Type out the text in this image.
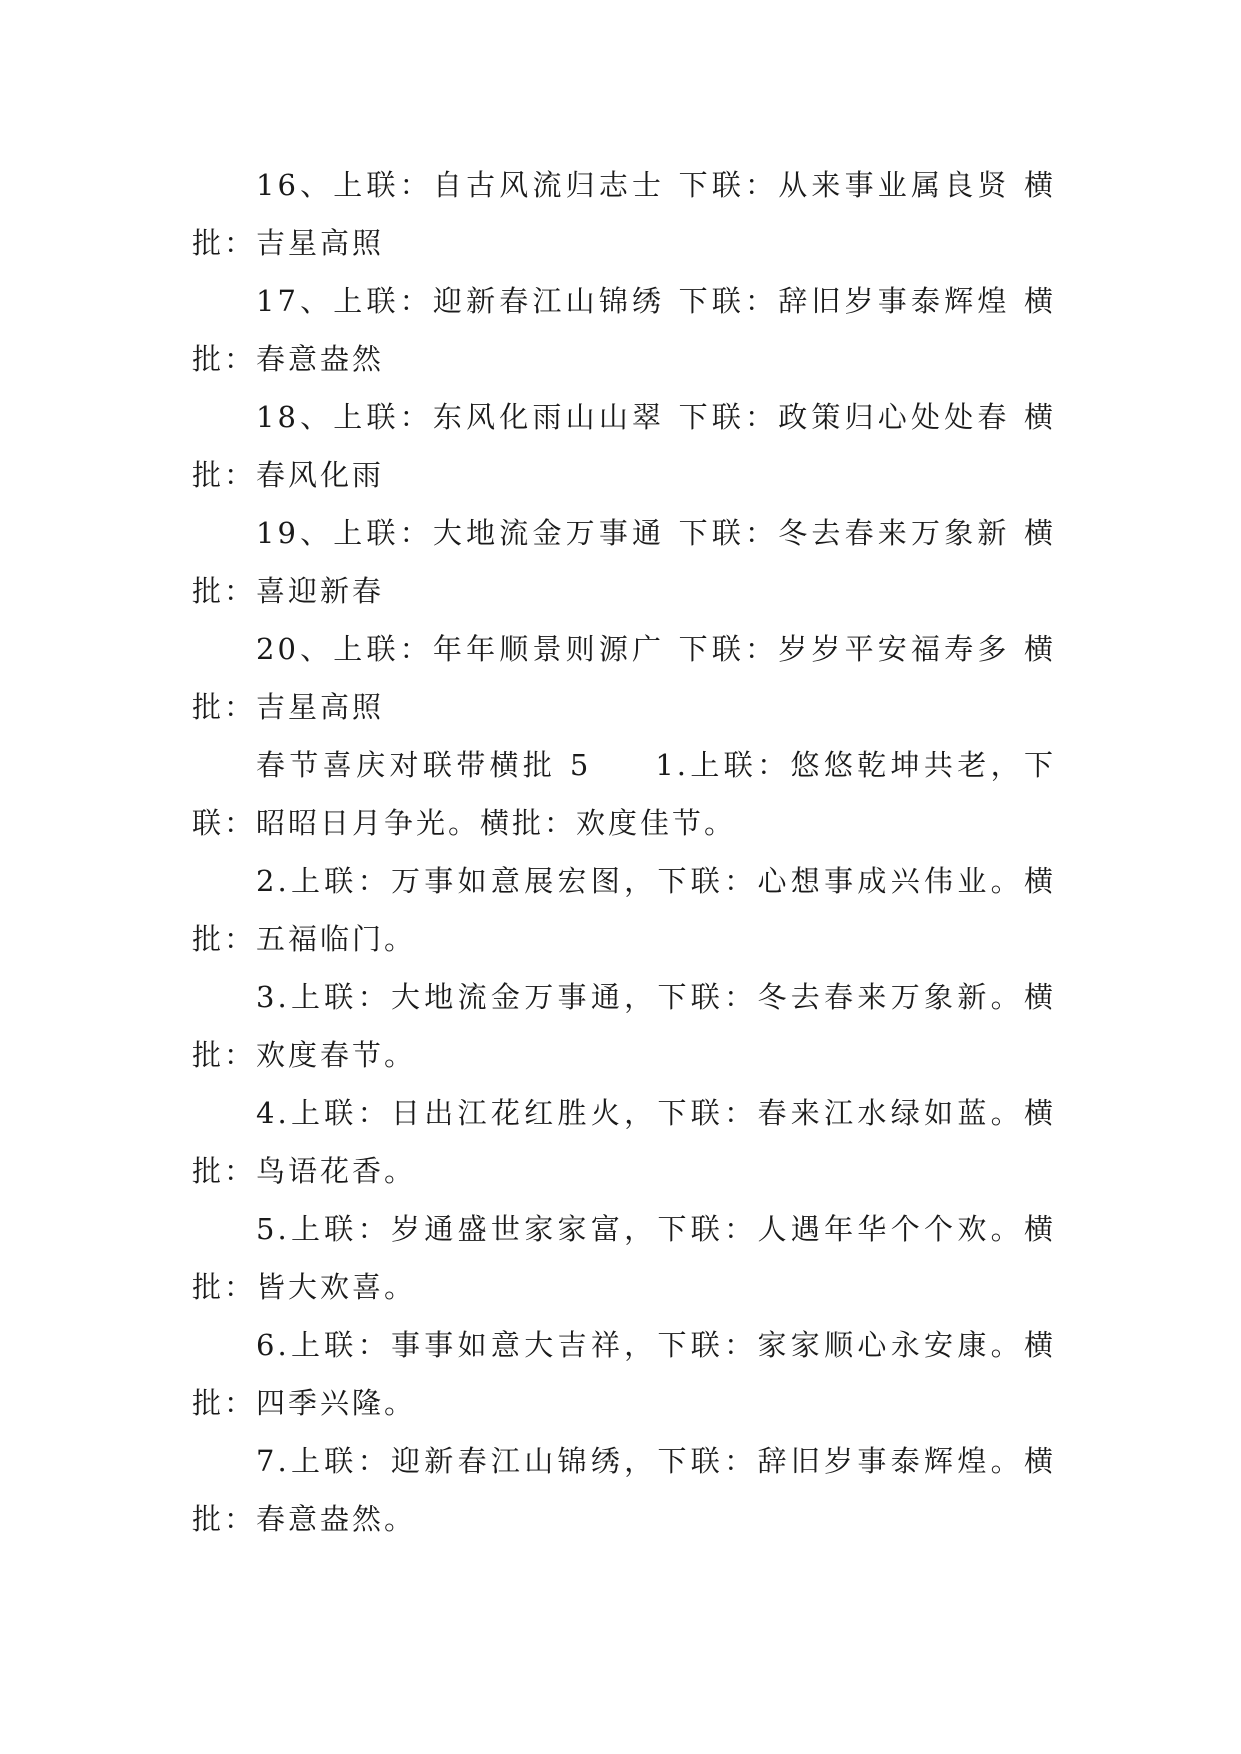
16、上联：自古风流归志士 下联：从来事业属良贤 横批：吉星高照

17、上联：迎新春江山锦绣 下联：辞旧岁事泰辉煌 横批：春意盎然

18、上联：东风化雨山山翠 下联：政策归心处处春 横批：春风化雨

19、上联：大地流金万事通 下联：冬去春来万象新 横批：喜迎新春

20、上联：年年顺景则源广 下联：岁岁平安福寿多 横批：吉星高照

春节喜庆对联带横批 5 1.上联：悠悠乾坤共老，下联：昭昭日月争光。横批：欢度佳节。

2.上联：万事如意展宏图，下联：心想事成兴伟业。横批：五福临门。

3.上联：大地流金万事通，下联：冬去春来万象新。横批：欢度春节。

4.上联：日出江花红胜火，下联：春来江水绿如蓝。横批：鸟语花香。

5.上联：岁通盛世家家富，下联：人遇年华个个欢。横批：皆大欢喜。

6.上联：事事如意大吉祥，下联：家家顺心永安康。横批：四季兴隆。

7.上联：迎新春江山锦绣，下联：辞旧岁事泰辉煌。横批：春意盎然。
